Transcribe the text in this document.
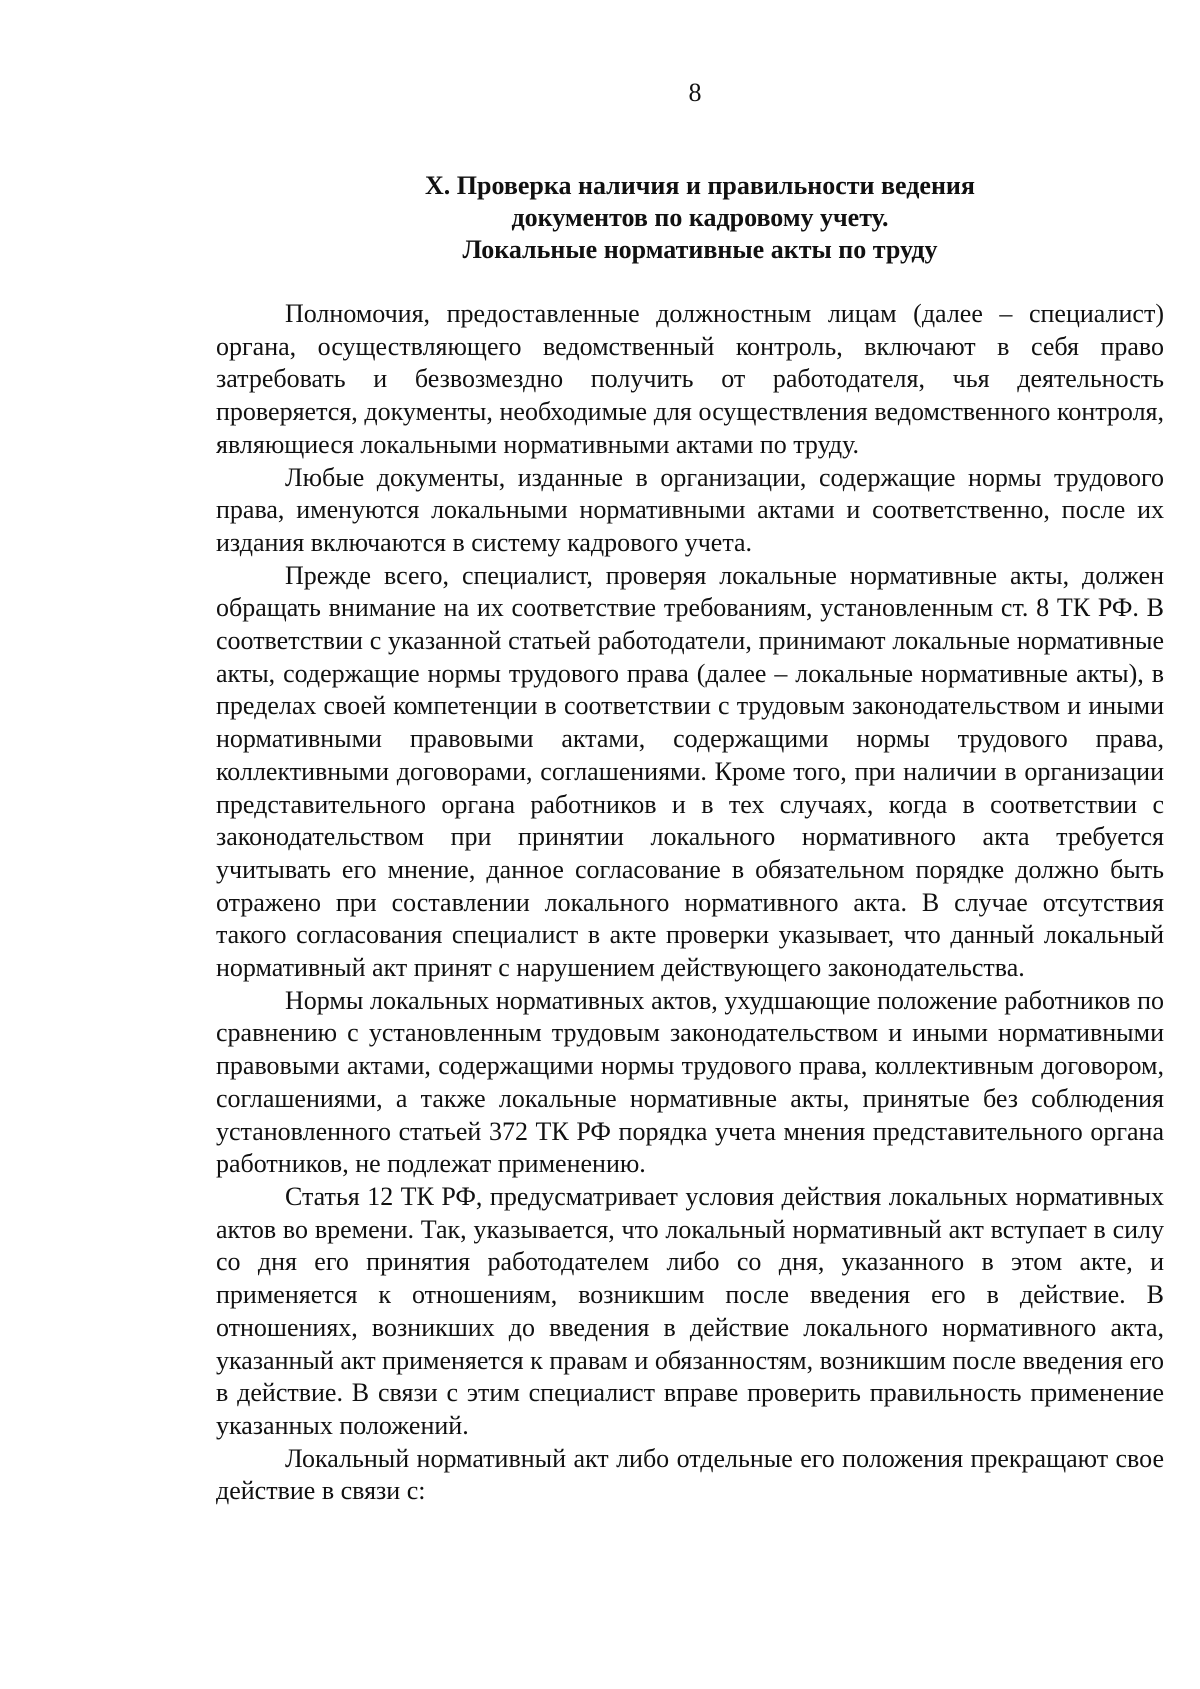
8
X. Проверка наличия и правильности ведения
документов по кадровому учету.
Локальные нормативные акты по труду

Полномочия, предоставленные должностным лицам (далее – специалист) органа, осуществляющего ведомственный контроль, включают в себя право затребовать и безвозмездно получить от работодателя, чья деятельность проверяется, документы, необходимые для осуществления ведомственного контроля, являющиеся локальными нормативными актами по труду.

Любые документы, изданные в организации, содержащие нормы трудового права, именуются локальными нормативными актами и соответственно, после их издания включаются в систему кадрового учета.

Прежде всего, специалист, проверяя локальные нормативные акты, должен обращать внимание на их соответствие требованиям, установленным ст. 8 ТК РФ. В соответствии с указанной статьей работодатели, принимают локальные нормативные акты, содержащие нормы трудового права (далее – локальные нормативные акты), в пределах своей компетенции в соответствии с трудовым законодательством и иными нормативными правовыми актами, содержащими нормы трудового права, коллективными договорами, соглашениями. Кроме того, при наличии в организации представительного органа работников и в тех случаях, когда в соответствии с законодательством при принятии локального нормативного акта требуется учитывать его мнение, данное согласование в обязательном порядке должно быть отражено при составлении локального нормативного акта. В случае отсутствия такого согласования специалист в акте проверки указывает, что данный локальный нормативный акт принят с нарушением действующего законодательства.

Нормы локальных нормативных актов, ухудшающие положение работников по сравнению с установленным трудовым законодательством и иными нормативными правовыми актами, содержащими нормы трудового права, коллективным договором, соглашениями, а также локальные нормативные акты, принятые без соблюдения установленного статьей 372 ТК РФ порядка учета мнения представительного органа работников, не подлежат применению.

Статья 12 ТК РФ, предусматривает условия действия локальных нормативных актов во времени. Так, указывается, что локальный нормативный акт вступает в силу со дня его принятия работодателем либо со дня, указанного в этом акте, и применяется к отношениям, возникшим после введения его в действие. В отношениях, возникших до введения в действие локального нормативного акта, указанный акт применяется к правам и обязанностям, возникшим после введения его в действие. В связи с этим специалист вправе проверить правильность применение указанных положений.

Локальный нормативный акт либо отдельные его положения прекращают свое действие в связи с:
